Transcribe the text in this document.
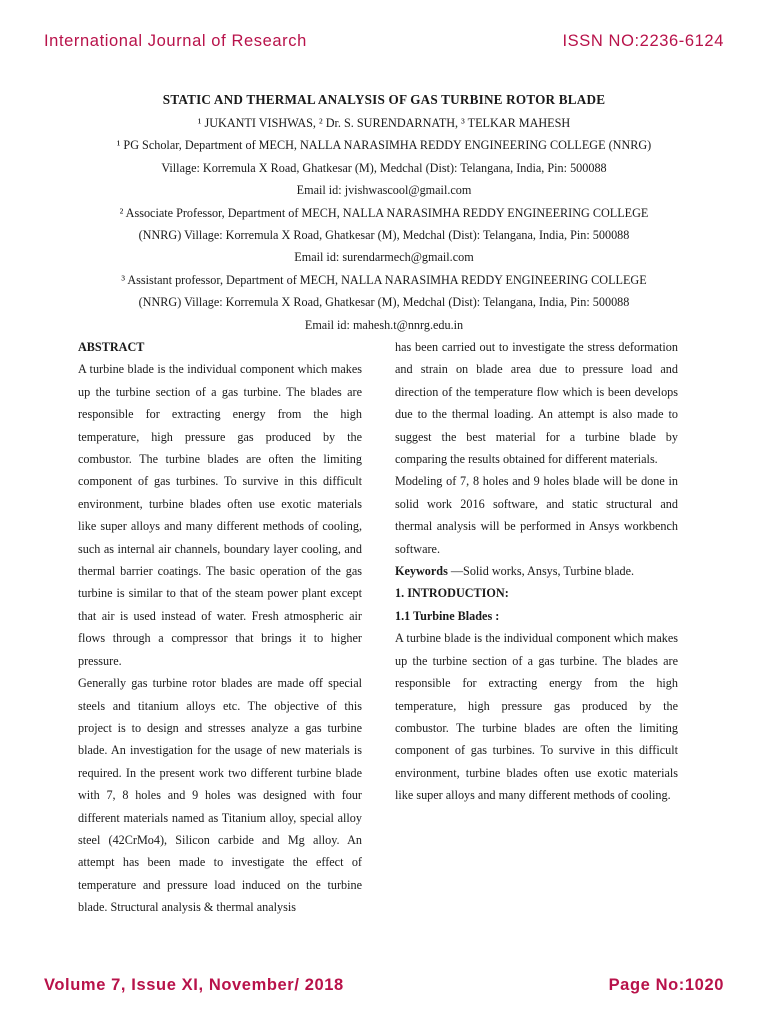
International Journal of Research	ISSN NO:2236-6124
STATIC AND THERMAL ANALYSIS OF GAS TURBINE ROTOR BLADE
¹ JUKANTI VISHWAS, ² Dr. S. SURENDARNATH, ³ TELKAR MAHESH
¹ PG Scholar, Department of MECH, NALLA NARASIMHA REDDY ENGINEERING COLLEGE (NNRG)
Village: Korremula X Road, Ghatkesar (M), Medchal (Dist): Telangana, India, Pin: 500088
Email id: jvishwascool@gmail.com
² Associate Professor, Department of MECH, NALLA NARASIMHA REDDY ENGINEERING COLLEGE
(NNRG) Village: Korremula X Road, Ghatkesar (M), Medchal (Dist): Telangana, India, Pin: 500088
Email id: surendarmech@gmail.com
³ Assistant professor, Department of MECH, NALLA NARASIMHA REDDY ENGINEERING COLLEGE
(NNRG) Village: Korremula X Road, Ghatkesar (M), Medchal (Dist): Telangana, India, Pin: 500088
Email id: mahesh.t@nnrg.edu.in

ABSTRACT

A turbine blade is the individual component which makes up the turbine section of a gas turbine. The blades are responsible for extracting energy from the high temperature, high pressure gas produced by the combustor. The turbine blades are often the limiting component of gas turbines. To survive in this difficult environment, turbine blades often use exotic materials like super alloys and many different methods of cooling, such as internal air channels, boundary layer cooling, and thermal barrier coatings. The basic operation of the gas turbine is similar to that of the steam power plant except that air is used instead of water. Fresh atmospheric air flows through a compressor that brings it to higher pressure.

Generally gas turbine rotor blades are made off special steels and titanium alloys etc. The objective of this project is to design and stresses analyze a gas turbine blade. An investigation for the usage of new materials is required. In the present work two different turbine blade with 7, 8 holes and 9 holes was designed with four different materials named as Titanium alloy, special alloy steel (42CrMo4), Silicon carbide and Mg alloy. An attempt has been made to investigate the effect of temperature and pressure load induced on the turbine blade. Structural analysis & thermal analysis

has been carried out to investigate the stress deformation and strain on blade area due to pressure load and direction of the temperature flow which is been develops due to the thermal loading. An attempt is also made to suggest the best material for a turbine blade by comparing the results obtained for different materials.

Modeling of 7, 8 holes and 9 holes blade will be done in solid work 2016 software, and static structural and thermal analysis will be performed in Ansys workbench software.

Keywords —Solid works, Ansys, Turbine blade.

1. INTRODUCTION:

1.1 Turbine Blades :

A turbine blade is the individual component which makes up the turbine section of a gas turbine. The blades are responsible for extracting energy from the high temperature, high pressure gas produced by the combustor. The turbine blades are often the limiting component of gas turbines. To survive in this difficult environment, turbine blades often use exotic materials like super alloys and many different methods of cooling.

Volume 7, Issue XI, November/ 2018	Page No:1020
